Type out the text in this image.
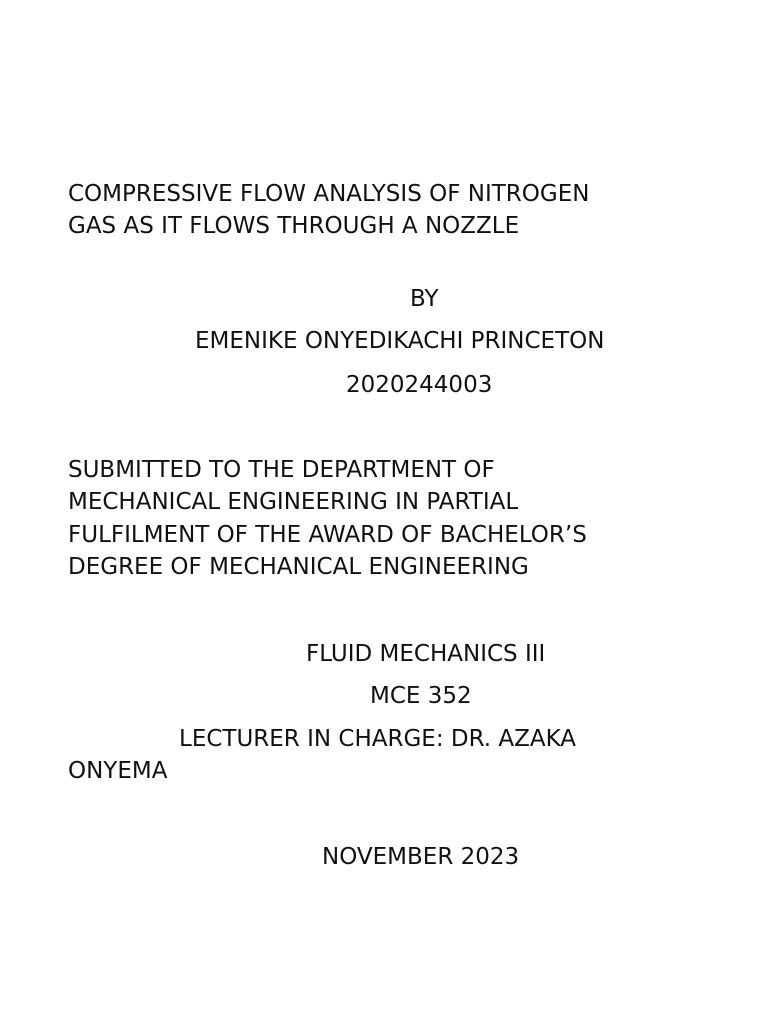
COMPRESSIVE FLOW ANALYSIS OF NITROGEN
GAS AS IT FLOWS THROUGH A NOZZLE
BY
EMENIKE ONYEDIKACHI PRINCETON
2020244003
SUBMITTED TO THE DEPARTMENT OF
MECHANICAL ENGINEERING IN PARTIAL
FULFILMENT OF THE AWARD OF BACHELOR’S
DEGREE OF MECHANICAL ENGINEERING
FLUID MECHANICS III
MCE 352
LECTURER IN CHARGE: DR. AZAKA
ONYEMA
NOVEMBER 2023
